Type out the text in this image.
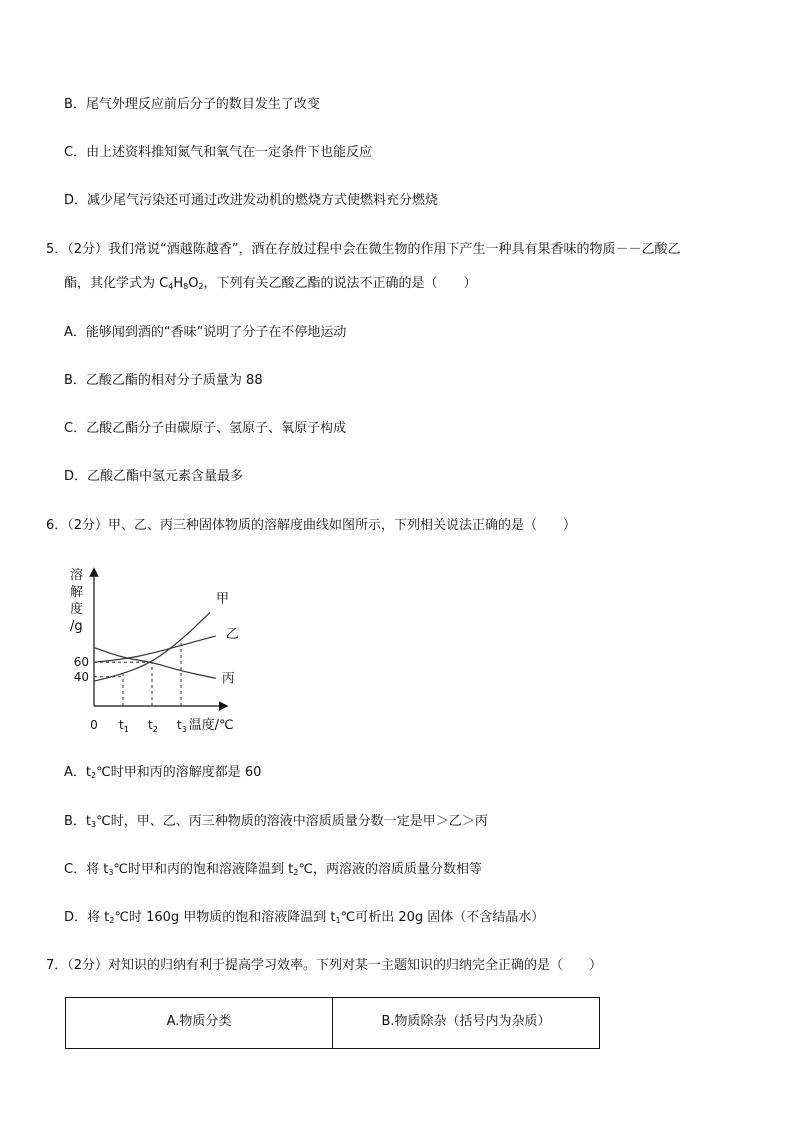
B．尾气外理反应前后分子的数目发生了改变
C．由上述资料推知氮气和氧气在一定条件下也能反应
D．减少尾气污染还可通过改进发动机的燃烧方式使燃料充分燃烧
5．（2分）我们常说“酒越陈越香”，酒在存放过程中会在微生物的作用下产生一种具有果香味的物质－－乙酸乙
酯，其化学式为 $C_4H_8O_2$，下列有关乙酸乙酯的说法不正确的是（　　）
A．能够闻到酒的“香味”说明了分子在不停地运动
B．乙酸乙酯的相对分子质量为 88
C．乙酸乙酯分子由碳原子、氢原子、氧原子构成
D．乙酸乙酯中氢元素含量最多
6．（2分）甲、乙、丙三种固体物质的溶解度曲线如图所示，下列相关说法正确的是（　　）
溶
解
度
/g
温度/℃
0 $t_1$ $t_2$ $t_3$
40
60
甲
乙
丙
A．$t_2℃$时甲和丙的溶解度都是 60
B．$t_3℃$时，甲、乙、丙三种物质的溶液中溶质质量分数一定是甲＞乙＞丙
C．将 $t_3℃$时甲和丙的饱和溶液降温到 $t_2℃$，两溶液的溶质质量分数相等
D．将 $t_2℃$时 160g 甲物质的饱和溶液降温到 $t_1℃$可析出 20g 固体（不含结晶水）
7．（2分）对知识的归纳有利于提高学习效率。下列对某一主题知识的归纳完全正确的是（　　）
A.物质分类	B.物质除杂（括号内为杂质）
